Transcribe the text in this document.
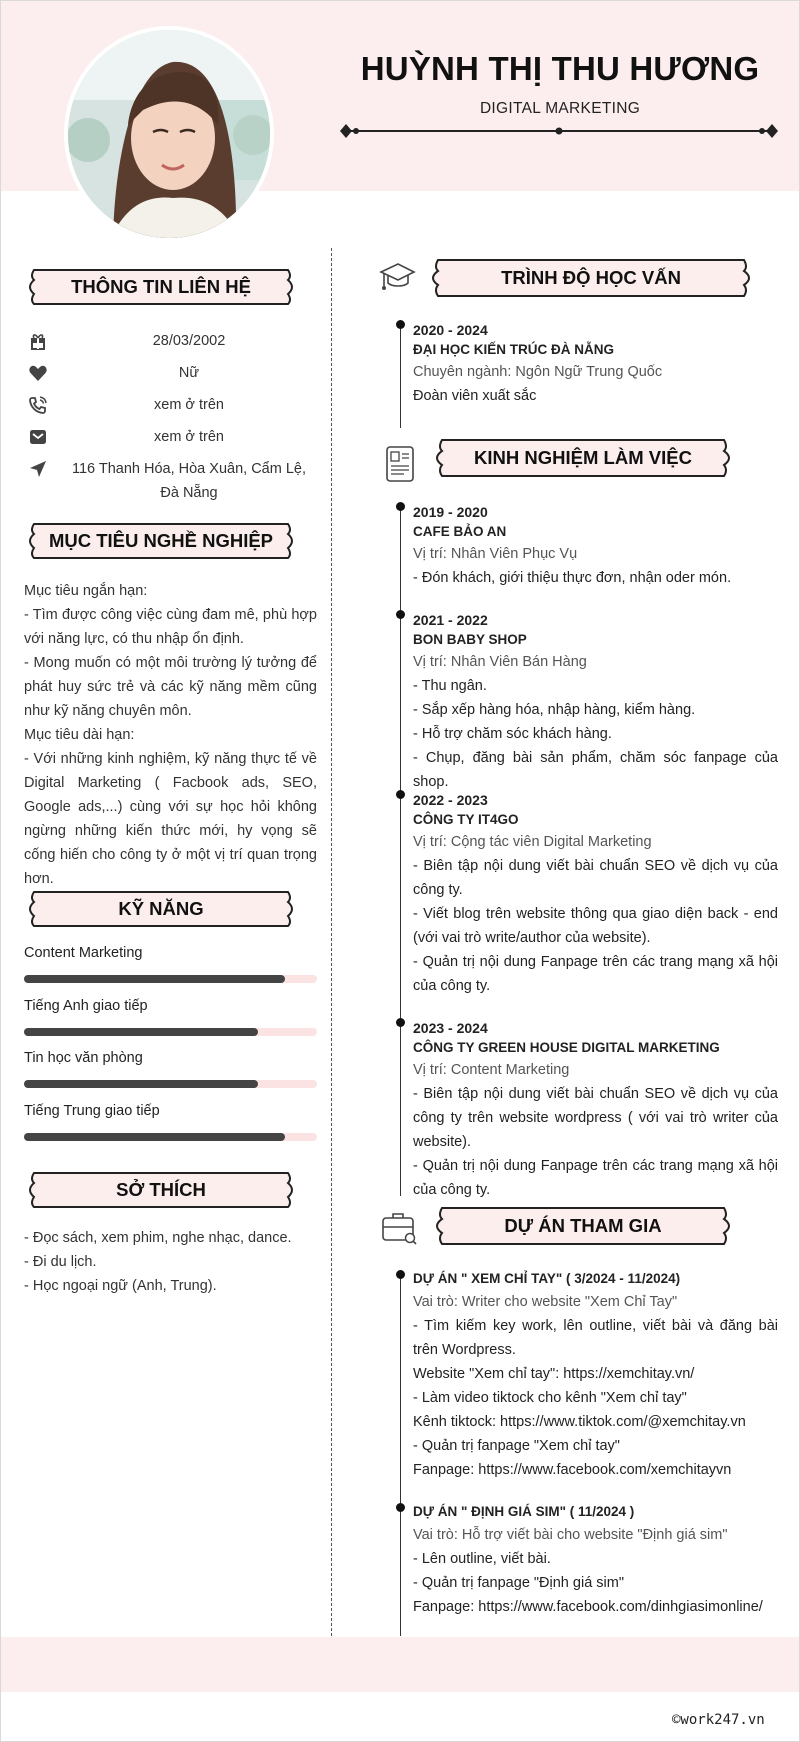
HUỲNH THỊ THU HƯƠNG
DIGITAL MARKETING
THÔNG TIN LIÊN HỆ
28/03/2002
Nữ
xem ở trên
xem ở trên
116 Thanh Hóa, Hòa Xuân, Cẩm Lệ,
Đà Nẵng
MỤC TIÊU NGHỀ NGHIỆP

Mục tiêu ngắn hạn:

- Tìm được công việc cùng đam mê, phù hợp với năng lực, có thu nhập ổn định.

- Mong muốn có một môi trường lý tưởng để phát huy sức trẻ và các kỹ năng mềm cũng như kỹ năng chuyên môn.

Mục tiêu dài hạn:

- Với những kinh nghiệm, kỹ năng thực tế về Digital Marketing ( Facbook ads, SEO, Google ads,...) cùng với sự học hỏi không ngừng những kiến thức mới, hy vọng sẽ cống hiến cho công ty ở một vị trí quan trọng hơn.

KỸ NĂNG
Content Marketing
Tiếng Anh giao tiếp
Tin học văn phòng
Tiếng Trung giao tiếp
SỞ THÍCH

- Đọc sách, xem phim, nghe nhạc, dance.

- Đi du lịch.

- Học ngoại ngữ (Anh, Trung).

TRÌNH ĐỘ HỌC VẤN
2020 - 2024
ĐẠI HỌC KIẾN TRÚC ĐÀ NẴNG
Chuyên ngành: Ngôn Ngữ Trung Quốc
Đoàn viên xuất sắc
KINH NGHIỆM LÀM VIỆC
2019 - 2020
CAFE BẢO AN
Vị trí: Nhân Viên Phục Vụ
- Đón khách, giới thiệu thực đơn, nhận oder món.
2021 - 2022
BON BABY SHOP
Vị trí: Nhân Viên Bán Hàng
- Thu ngân.
- Sắp xếp hàng hóa, nhập hàng, kiểm hàng.
- Hỗ trợ chăm sóc khách hàng.
- Chụp, đăng bài sản phẩm, chăm sóc fanpage của shop.
2022 - 2023
CÔNG TY IT4GO
Vị trí: Cộng tác viên Digital Marketing
- Biên tập nội dung viết bài chuẩn SEO về dịch vụ của công ty.
- Viết blog trên website thông qua giao diện back - end (với vai trò write/author của website).
- Quản trị nội dung Fanpage trên các trang mạng xã hội của công ty.
2023 - 2024
CÔNG TY GREEN HOUSE DIGITAL MARKETING
Vị trí: Content Marketing
- Biên tập nội dung viết bài chuẩn SEO về dịch vụ của công ty trên website wordpress ( với vai trò writer của website).
- Quản trị nội dung Fanpage trên các trang mạng xã hội của công ty.
DỰ ÁN THAM GIA
DỰ ÁN " XEM CHỈ TAY" ( 3/2024 - 11/2024)
Vai trò: Writer cho website "Xem Chỉ Tay"
- Tìm kiếm key work, lên outline, viết bài và đăng bài trên Wordpress.
Website "Xem chỉ tay": https://xemchitay.vn/
- Làm video tiktock cho kênh "Xem chỉ tay"
Kênh tiktock: https://www.tiktok.com/@xemchitay.vn
- Quản trị fanpage "Xem chỉ tay"
Fanpage: https://www.facebook.com/xemchitayvn
DỰ ÁN " ĐỊNH GIÁ SIM" ( 11/2024 )
Vai trò: Hỗ trợ viết bài cho website "Định giá sim"
- Lên outline, viết bài.
- Quản trị fanpage "Định giá sim"
Fanpage: https://www.facebook.com/dinhgiasimonline/
©work247.vn
